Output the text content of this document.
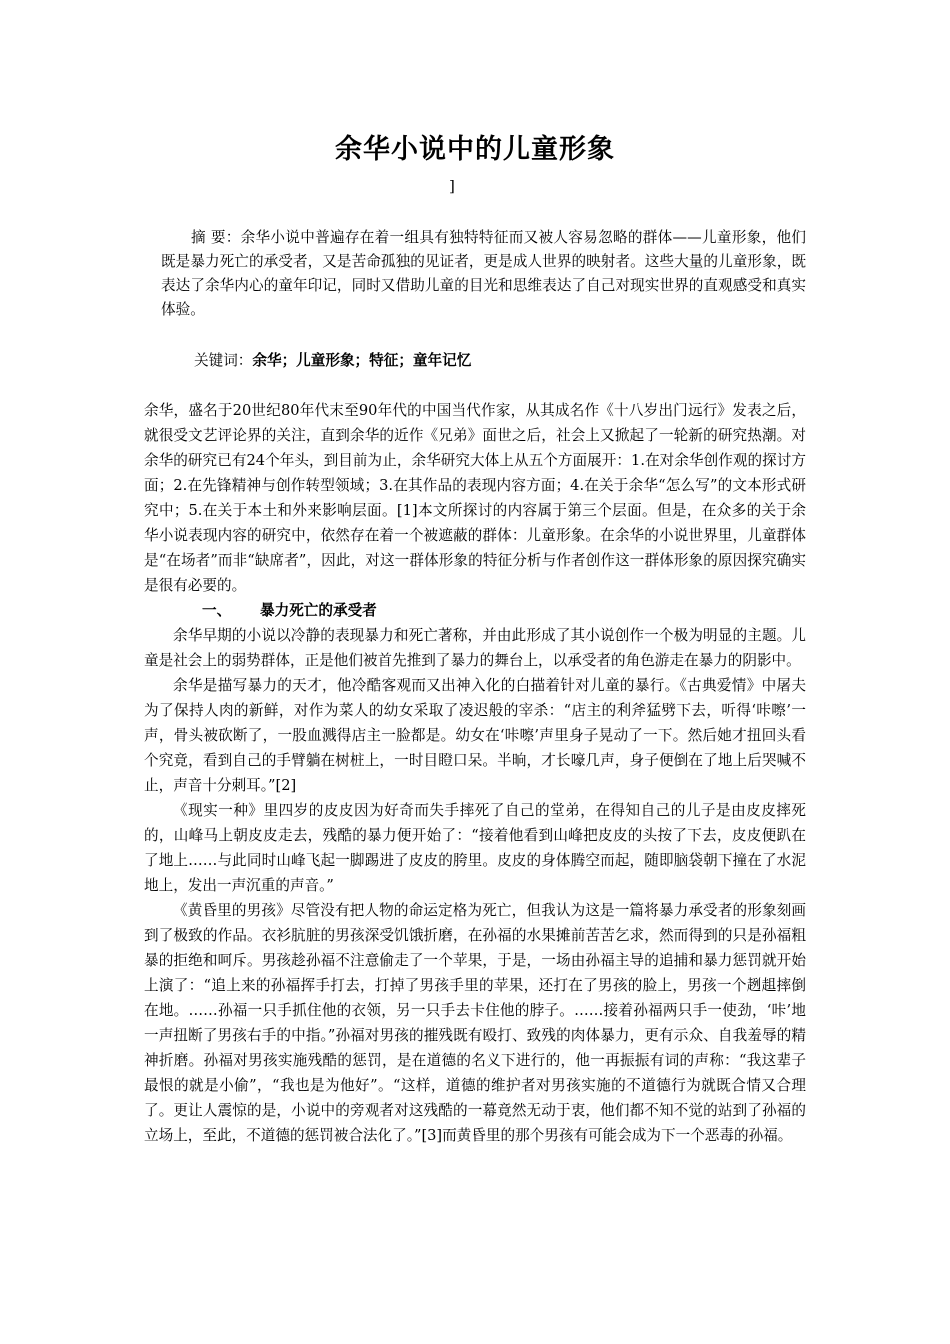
余华小说中的儿童形象
]
摘 要：余华小说中普遍存在着一组具有独特特征而又被人容易忽略的群体——儿童形象，他们既是暴力死亡的承受者，又是苦命孤独的见证者，更是成人世界的映射者。这些大量的儿童形象，既表达了余华内心的童年印记，同时又借助儿童的目光和思维表达了自己对现实世界的直观感受和真实体验。
关键词：余华；儿童形象；特征；童年记忆

余华，盛名于20世纪80年代末至90年代的中国当代作家，从其成名作《十八岁出门远行》发表之后，就很受文艺评论界的关注，直到余华的近作《兄弟》面世之后，社会上又掀起了一轮新的研究热潮。对余华的研究已有24个年头，到目前为止，余华研究大体上从五个方面展开：1.在对余华创作观的探讨方面；2.在先锋精神与创作转型领域；3.在其作品的表现内容方面；4.在关于余华“怎么写”的文本形式研究中；5.在关于本土和外来影响层面。[1]本文所探讨的内容属于第三个层面。但是，在众多的关于余华小说表现内容的研究中，依然存在着一个被遮蔽的群体：儿童形象。在余华的小说世界里，儿童群体是“在场者”而非“缺席者”，因此，对这一群体形象的特征分析与作者创作这一群体形象的原因探究确实是很有必要的。

一、 暴力死亡的承受者

余华早期的小说以冷静的表现暴力和死亡著称，并由此形成了其小说创作一个极为明显的主题。儿童是社会上的弱势群体，正是他们被首先推到了暴力的舞台上，以承受者的角色游走在暴力的阴影中。

余华是描写暴力的天才，他冷酷客观而又出神入化的白描着针对儿童的暴行。《古典爱情》中屠夫为了保持人肉的新鲜，对作为菜人的幼女采取了凌迟般的宰杀：“店主的利斧猛劈下去，听得‘咔嚓’一声，骨头被砍断了，一股血溅得店主一脸都是。幼女在‘咔嚓’声里身子晃动了一下。然后她才扭回头看个究竟，看到自己的手臂躺在树桩上，一时目瞪口呆。半晌，才长嚎几声，身子便倒在了地上后哭喊不止，声音十分刺耳。”[2]

《现实一种》里四岁的皮皮因为好奇而失手摔死了自己的堂弟，在得知自己的儿子是由皮皮摔死的，山峰马上朝皮皮走去，残酷的暴力便开始了：“接着他看到山峰把皮皮的头按了下去，皮皮便趴在了地上……与此同时山峰飞起一脚踢进了皮皮的胯里。皮皮的身体腾空而起，随即脑袋朝下撞在了水泥地上，发出一声沉重的声音。”

《黄昏里的男孩》尽管没有把人物的命运定格为死亡，但我认为这是一篇将暴力承受者的形象刻画到了极致的作品。衣衫肮脏的男孩深受饥饿折磨，在孙福的水果摊前苦苦乞求，然而得到的只是孙福粗暴的拒绝和呵斥。男孩趁孙福不注意偷走了一个苹果，于是，一场由孙福主导的追捕和暴力惩罚就开始上演了：“追上来的孙福挥手打去，打掉了男孩手里的苹果，还打在了男孩的脸上，男孩一个趔趄摔倒在地。……孙福一只手抓住他的衣领，另一只手去卡住他的脖子。……接着孙福两只手一使劲，‘咔’地一声扭断了男孩右手的中指。”孙福对男孩的摧残既有殴打、致残的肉体暴力，更有示众、自我羞辱的精神折磨。孙福对男孩实施残酷的惩罚，是在道德的名义下进行的，他一再振振有词的声称：“我这辈子最恨的就是小偷”，“我也是为他好”。“这样，道德的维护者对男孩实施的不道德行为就既合情又合理了。更让人震惊的是，小说中的旁观者对这残酷的一幕竟然无动于衷，他们都不知不觉的站到了孙福的立场上，至此，不道德的惩罚被合法化了。”[3]而黄昏里的那个男孩有可能会成为下一个恶毒的孙福。
